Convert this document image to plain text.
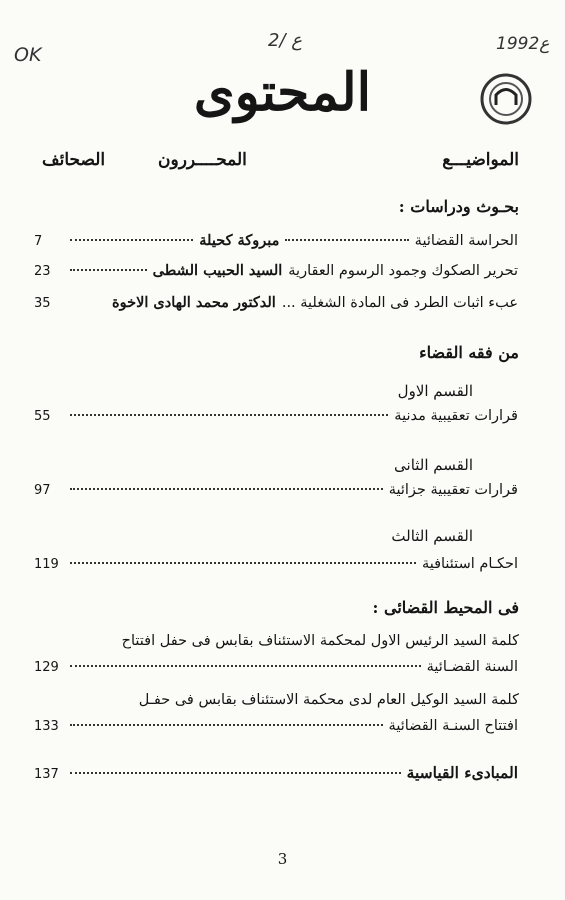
OK
2/ ع	1992ع
المحتوى
المواضيـــع
المحــــررون
الصحائف
بحـوث ودراسات :
الحراسة القضائية
مبروكة كحيلة
7
تحرير الصكوك وجمود الرسوم العقارية
السيد الحبيب الشطى
23
عبء اثبات الطرد فى المادة الشغلية ...
الدكتور محمد الهادى الاخوة
35
من فقه القضاء
القسم الاول
قرارات تعقيبية مدنية
55
القسم الثانى
قرارات تعقيبية جزائية
97
القسم الثالث
احكـام استئنافية
119
فى المحيط القضائى :
كلمة السيد الرئيس الاول لمحكمة الاستئناف بقابس فى حفل افتتاح
السنة القضـائية
129
كلمة السيد الوكيل العام لدى محكمة الاستئناف بقابس فى حفـل
افتتاح السنـة القضائية
133
المبادىء القياسية
137
3
